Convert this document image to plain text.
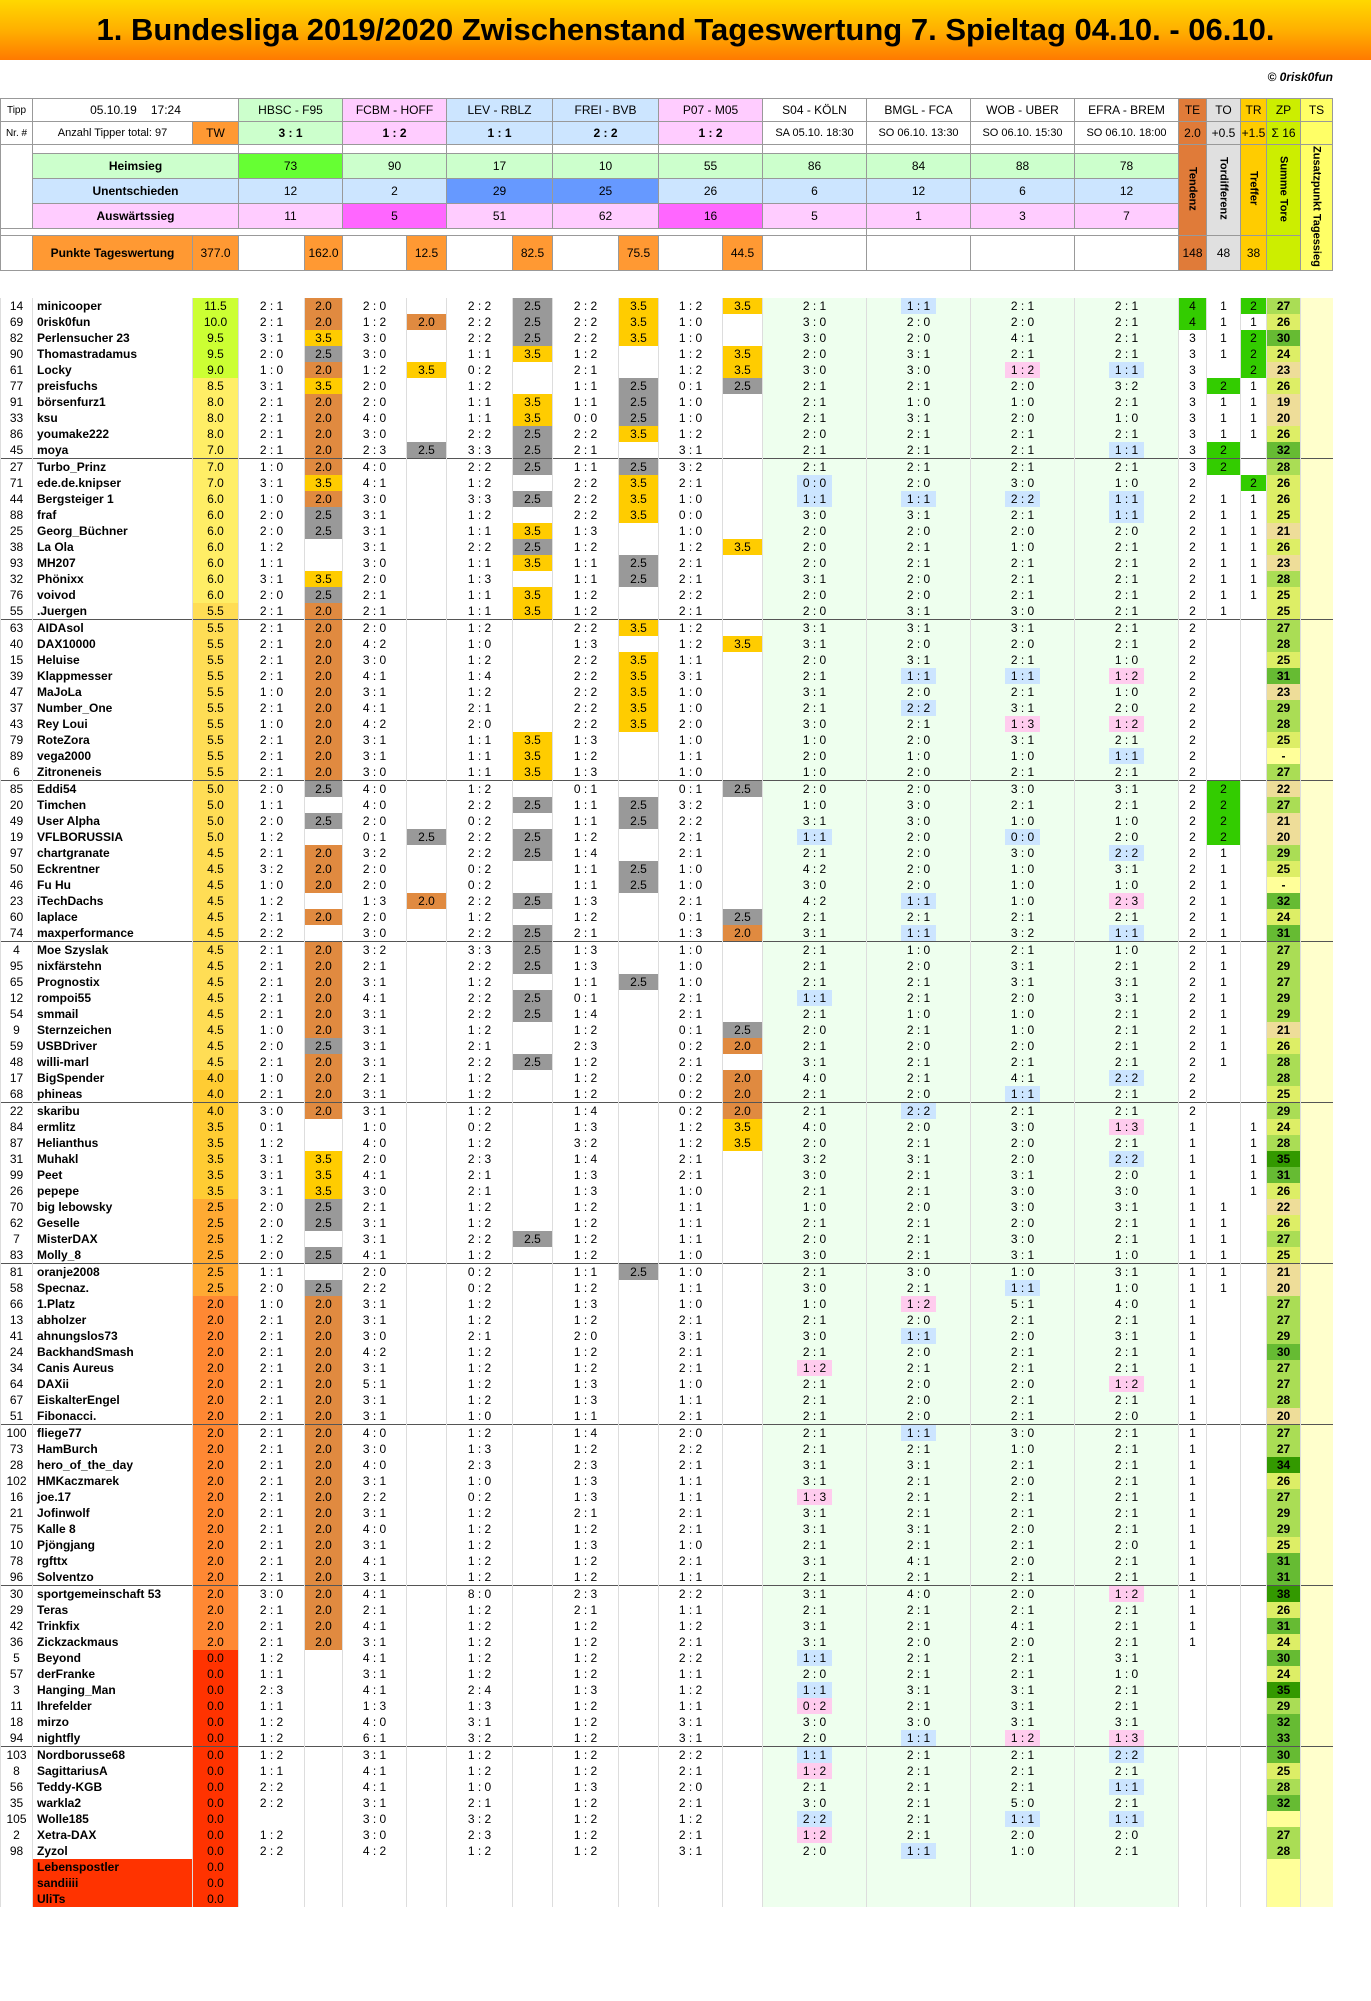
1. Bundesliga 2019/2020 Zwischenstand Tageswertung 7. Spieltag 04.10. - 06.10.
© 0risk0fun
Tipp	05.10.19 17:24		HBSC - F95		FCBM - HOFF		LEV - RBLZ		FREI - BVB		P07 - M05		S04 - KÖLN	BMGL - FCA	WOB - UBER	EFRA - BREM	TE	TO	TR	ZP	TS
Nr. #	Anzahl Tipper total: 97	TW	3 : 1		1 : 2		1 : 1		2 : 2		1 : 2		SA 05.10. 18:30	SO 06.10. 13:30	SO 06.10. 15:30	SO 06.10. 18:00	2.0	+0.5	+1.5	Σ 16	
																	Tendenz	Tordifferenz	Treffer	Summe Tore	Zusatzpunkt Tagessieg
	Heimsieg		73		90		17		10		55		86	84	88	78					
	Unentschieden		12		2		29		25		26		6	12	6	12					
	Auswärtssieg		11		5		51		62		16		5	1	3	7					

	Punkte Tageswertung	377.0		162.0		12.5		82.5		75.5		44.5					148	48	38		
14	minicooper	11.5	2 : 1	2.0	2 : 0		2 : 2	2.5	2 : 2	3.5	1 : 2	3.5	2 : 1	1 : 1	2 : 1	2 : 1	4	1	2	27	
69	0risk0fun	10.0	2 : 1	2.0	1 : 2	2.0	2 : 2	2.5	2 : 2	3.5	1 : 0		3 : 0	2 : 0	2 : 0	2 : 1	4	1	1	26	
82	Perlensucher 23	9.5	3 : 1	3.5	3 : 0		2 : 2	2.5	2 : 2	3.5	1 : 0		3 : 0	2 : 0	4 : 1	2 : 1	3	1	2	30	
90	Thomastradamus	9.5	2 : 0	2.5	3 : 0		1 : 1	3.5	1 : 2		1 : 2	3.5	2 : 0	3 : 1	2 : 1	2 : 1	3	1	2	24	
61	Locky	9.0	1 : 0	2.0	1 : 2	3.5	0 : 2		2 : 1		1 : 2	3.5	3 : 0	3 : 0	1 : 2	1 : 1	3		2	23	
77	preisfuchs	8.5	3 : 1	3.5	2 : 0		1 : 2		1 : 1	2.5	0 : 1	2.5	2 : 1	2 : 1	2 : 0	3 : 2	3	2	1	26	
91	börsenfurz1	8.0	2 : 1	2.0	2 : 0		1 : 1	3.5	1 : 1	2.5	1 : 0		2 : 1	1 : 0	1 : 0	2 : 1	3	1	1	19	
33	ksu	8.0	2 : 1	2.0	4 : 0		1 : 1	3.5	0 : 0	2.5	1 : 0		2 : 1	3 : 1	2 : 0	1 : 0	3	1	1	20	
86	youmake222	8.0	2 : 1	2.0	3 : 0		2 : 2	2.5	2 : 2	3.5	1 : 2		2 : 0	2 : 1	2 : 1	2 : 1	3	1	1	26	
45	moya	7.0	2 : 1	2.0	2 : 3	2.5	3 : 3	2.5	2 : 1		3 : 1		2 : 1	2 : 1	2 : 1	1 : 1	3	2		32	
27	Turbo_Prinz	7.0	1 : 0	2.0	4 : 0		2 : 2	2.5	1 : 1	2.5	3 : 2		2 : 1	2 : 1	2 : 1	2 : 1	3	2		28	
71	ede.de.knipser	7.0	3 : 1	3.5	4 : 1		1 : 2		2 : 2	3.5	2 : 1		0 : 0	2 : 0	3 : 0	1 : 0	2		2	26	
44	Bergsteiger 1	6.0	1 : 0	2.0	3 : 0		3 : 3	2.5	2 : 2	3.5	1 : 0		1 : 1	1 : 1	2 : 2	1 : 1	2	1	1	26	
88	fraf	6.0	2 : 0	2.5	3 : 1		1 : 2		2 : 2	3.5	0 : 0		3 : 0	3 : 1	2 : 1	1 : 1	2	1	1	25	
25	Georg_Büchner	6.0	2 : 0	2.5	3 : 1		1 : 1	3.5	1 : 3		1 : 0		2 : 0	2 : 0	2 : 0	2 : 0	2	1	1	21	
38	La Ola	6.0	1 : 2		3 : 1		2 : 2	2.5	1 : 2		1 : 2	3.5	2 : 0	2 : 1	1 : 0	2 : 1	2	1	1	26	
93	MH207	6.0	1 : 1		3 : 0		1 : 1	3.5	1 : 1	2.5	2 : 1		2 : 0	2 : 1	2 : 1	2 : 1	2	1	1	23	
32	Phönixx	6.0	3 : 1	3.5	2 : 0		1 : 3		1 : 1	2.5	2 : 1		3 : 1	2 : 0	2 : 1	2 : 1	2	1	1	28	
76	voivod	6.0	2 : 0	2.5	2 : 1		1 : 1	3.5	1 : 2		2 : 2		2 : 0	2 : 0	2 : 1	2 : 1	2	1	1	25	
55	.Juergen	5.5	2 : 1	2.0	2 : 1		1 : 1	3.5	1 : 2		2 : 1		2 : 0	3 : 1	3 : 0	2 : 1	2	1		25	
63	AIDAsol	5.5	2 : 1	2.0	2 : 0		1 : 2		2 : 2	3.5	1 : 2		3 : 1	3 : 1	3 : 1	2 : 1	2			27	
40	DAX10000	5.5	2 : 1	2.0	4 : 2		1 : 0		1 : 3		1 : 2	3.5	3 : 1	2 : 0	2 : 0	2 : 1	2			28	
15	Heluise	5.5	2 : 1	2.0	3 : 0		1 : 2		2 : 2	3.5	1 : 1		2 : 0	3 : 1	2 : 1	1 : 0	2			25	
39	Klappmesser	5.5	2 : 1	2.0	4 : 1		1 : 4		2 : 2	3.5	3 : 1		2 : 1	1 : 1	1 : 1	1 : 2	2			31	
47	MaJoLa	5.5	1 : 0	2.0	3 : 1		1 : 2		2 : 2	3.5	1 : 0		3 : 1	2 : 0	2 : 1	1 : 0	2			23	
37	Number_One	5.5	2 : 1	2.0	4 : 1		2 : 1		2 : 2	3.5	1 : 0		2 : 1	2 : 2	3 : 1	2 : 0	2			29	
43	Rey Loui	5.5	1 : 0	2.0	4 : 2		2 : 0		2 : 2	3.5	2 : 0		3 : 0	2 : 1	1 : 3	1 : 2	2			28	
79	RoteZora	5.5	2 : 1	2.0	3 : 1		1 : 1	3.5	1 : 3		1 : 0		1 : 0	2 : 0	3 : 1	2 : 1	2			25	
89	vega2000	5.5	2 : 1	2.0	3 : 1		1 : 1	3.5	1 : 2		1 : 1		2 : 0	1 : 0	1 : 0	1 : 1	2			-	
6	Zitroneneis	5.5	2 : 1	2.0	3 : 0		1 : 1	3.5	1 : 3		1 : 0		1 : 0	2 : 0	2 : 1	2 : 1	2			27	
85	Eddi54	5.0	2 : 0	2.5	4 : 0		1 : 2		0 : 1		0 : 1	2.5	2 : 0	2 : 0	3 : 0	3 : 1	2	2		22	
20	Timchen	5.0	1 : 1		4 : 0		2 : 2	2.5	1 : 1	2.5	3 : 2		1 : 0	3 : 0	2 : 1	2 : 1	2	2		27	
49	User Alpha	5.0	2 : 0	2.5	2 : 0		0 : 2		1 : 1	2.5	2 : 2		3 : 1	3 : 0	1 : 0	1 : 0	2	2		21	
19	VFLBORUSSIA	5.0	1 : 2		0 : 1	2.5	2 : 2	2.5	1 : 2		2 : 1		1 : 1	2 : 0	0 : 0	2 : 0	2	2		20	
97	chartgranate	4.5	2 : 1	2.0	3 : 2		2 : 2	2.5	1 : 4		2 : 1		2 : 1	2 : 0	3 : 0	2 : 2	2	1		29	
50	Eckrentner	4.5	3 : 2	2.0	2 : 0		0 : 2		1 : 1	2.5	1 : 0		4 : 2	2 : 0	1 : 0	3 : 1	2	1		25	
46	Fu Hu	4.5	1 : 0	2.0	2 : 0		0 : 2		1 : 1	2.5	1 : 0		3 : 0	2 : 0	1 : 0	1 : 0	2	1		-	
23	iTechDachs	4.5	1 : 2		1 : 3	2.0	2 : 2	2.5	1 : 3		2 : 1		4 : 2	1 : 1	1 : 0	2 : 3	2	1		32	
60	laplace	4.5	2 : 1	2.0	2 : 0		1 : 2		1 : 2		0 : 1	2.5	2 : 1	2 : 1	2 : 1	2 : 1	2	1		24	
74	maxperformance	4.5	2 : 2		3 : 0		2 : 2	2.5	2 : 1		1 : 3	2.0	3 : 1	1 : 1	3 : 2	1 : 1	2	1		31	
4	Moe Szyslak	4.5	2 : 1	2.0	3 : 2		3 : 3	2.5	1 : 3		1 : 0		2 : 1	1 : 0	2 : 1	1 : 0	2	1		27	
95	nixfärstehn	4.5	2 : 1	2.0	2 : 1		2 : 2	2.5	1 : 3		1 : 0		2 : 1	2 : 0	3 : 1	2 : 1	2	1		29	
65	Prognostix	4.5	2 : 1	2.0	3 : 1		1 : 2		1 : 1	2.5	1 : 0		2 : 1	2 : 1	3 : 1	3 : 1	2	1		27	
12	rompoi55	4.5	2 : 1	2.0	4 : 1		2 : 2	2.5	0 : 1		2 : 1		1 : 1	2 : 1	2 : 0	3 : 1	2	1		29	
54	smmail	4.5	2 : 1	2.0	3 : 1		2 : 2	2.5	1 : 4		2 : 1		2 : 1	1 : 0	1 : 0	2 : 1	2	1		29	
9	Sternzeichen	4.5	1 : 0	2.0	3 : 1		1 : 2		1 : 2		0 : 1	2.5	2 : 0	2 : 1	1 : 0	2 : 1	2	1		21	
59	USBDriver	4.5	2 : 0	2.5	3 : 1		2 : 1		2 : 3		0 : 2	2.0	2 : 1	2 : 0	2 : 0	2 : 1	2	1		26	
48	willi-marl	4.5	2 : 1	2.0	3 : 1		2 : 2	2.5	1 : 2		2 : 1		3 : 1	2 : 1	2 : 1	2 : 1	2	1		28	
17	BigSpender	4.0	1 : 0	2.0	2 : 1		1 : 2		1 : 2		0 : 2	2.0	4 : 0	2 : 1	4 : 1	2 : 2	2			28	
68	phineas	4.0	2 : 1	2.0	3 : 1		1 : 2		1 : 2		0 : 2	2.0	2 : 1	2 : 0	1 : 1	2 : 1	2			25	
22	skaribu	4.0	3 : 0	2.0	3 : 1		1 : 2		1 : 4		0 : 2	2.0	2 : 1	2 : 2	2 : 1	2 : 1	2			29	
84	ermlitz	3.5	0 : 1		1 : 0		0 : 2		1 : 3		1 : 2	3.5	4 : 0	2 : 0	3 : 0	1 : 3	1		1	24	
87	Helianthus	3.5	1 : 2		4 : 0		1 : 2		3 : 2		1 : 2	3.5	2 : 0	2 : 1	2 : 0	2 : 1	1		1	28	
31	Muhakl	3.5	3 : 1	3.5	2 : 0		2 : 3		1 : 4		2 : 1		3 : 2	3 : 1	2 : 0	2 : 2	1		1	35	
99	Peet	3.5	3 : 1	3.5	4 : 1		2 : 1		1 : 3		2 : 1		3 : 0	2 : 1	3 : 1	2 : 0	1		1	31	
26	pepepe	3.5	3 : 1	3.5	3 : 0		2 : 1		1 : 3		1 : 0		2 : 1	2 : 1	3 : 0	3 : 0	1		1	26	
70	big lebowsky	2.5	2 : 0	2.5	2 : 1		1 : 2		1 : 2		1 : 1		1 : 0	2 : 0	3 : 0	3 : 1	1	1		22	
62	Geselle	2.5	2 : 0	2.5	3 : 1		1 : 2		1 : 2		1 : 1		2 : 1	2 : 1	2 : 0	2 : 1	1	1		26	
7	MisterDAX	2.5	1 : 2		3 : 1		2 : 2	2.5	1 : 2		1 : 1		2 : 0	2 : 1	3 : 0	2 : 1	1	1		27	
83	Molly_8	2.5	2 : 0	2.5	4 : 1		1 : 2		1 : 2		1 : 0		3 : 0	2 : 1	3 : 1	1 : 0	1	1		25	
81	oranje2008	2.5	1 : 1		2 : 0		0 : 2		1 : 1	2.5	1 : 0		2 : 1	3 : 0	1 : 0	3 : 1	1	1		21	
58	Specnaz.	2.5	2 : 0	2.5	2 : 2		0 : 2		1 : 2		1 : 1		3 : 0	2 : 1	1 : 1	1 : 0	1	1		20	
66	1.Platz	2.0	1 : 0	2.0	3 : 1		1 : 2		1 : 3		1 : 0		1 : 0	1 : 2	5 : 1	4 : 0	1			27	
13	abholzer	2.0	2 : 1	2.0	3 : 1		1 : 2		1 : 2		2 : 1		2 : 1	2 : 0	2 : 1	2 : 1	1			27	
41	ahnungslos73	2.0	2 : 1	2.0	3 : 0		2 : 1		2 : 0		3 : 1		3 : 0	1 : 1	2 : 0	3 : 1	1			29	
24	BackhandSmash	2.0	2 : 1	2.0	4 : 2		1 : 2		1 : 2		2 : 1		2 : 1	2 : 0	2 : 1	2 : 1	1			30	
34	Canis Aureus	2.0	2 : 1	2.0	3 : 1		1 : 2		1 : 2		2 : 1		1 : 2	2 : 1	2 : 1	2 : 1	1			27	
64	DAXii	2.0	2 : 1	2.0	5 : 1		1 : 2		1 : 3		1 : 0		2 : 1	2 : 0	2 : 0	1 : 2	1			27	
67	EiskalterEngel	2.0	2 : 1	2.0	3 : 1		1 : 2		1 : 3		1 : 1		2 : 1	2 : 0	2 : 1	2 : 1	1			28	
51	Fibonacci.	2.0	2 : 1	2.0	3 : 1		1 : 0		1 : 1		2 : 1		2 : 1	2 : 0	2 : 1	2 : 0	1			20	
100	fliege77	2.0	2 : 1	2.0	4 : 0		1 : 2		1 : 4		2 : 0		2 : 1	1 : 1	3 : 0	2 : 1	1			27	
73	HamBurch	2.0	2 : 1	2.0	3 : 0		1 : 3		1 : 2		2 : 2		2 : 1	2 : 1	1 : 0	2 : 1	1			27	
28	hero_of_the_day	2.0	2 : 1	2.0	4 : 0		2 : 3		2 : 3		2 : 1		3 : 1	3 : 1	2 : 1	2 : 1	1			34	
102	HMKaczmarek	2.0	2 : 1	2.0	3 : 1		1 : 0		1 : 3		1 : 1		3 : 1	2 : 1	2 : 0	2 : 1	1			26	
16	joe.17	2.0	2 : 1	2.0	2 : 2		0 : 2		1 : 3		1 : 1		1 : 3	2 : 1	2 : 1	2 : 1	1			27	
21	Jofinwolf	2.0	2 : 1	2.0	3 : 1		1 : 2		2 : 1		2 : 1		3 : 1	2 : 1	2 : 1	2 : 1	1			29	
75	Kalle 8	2.0	2 : 1	2.0	4 : 0		1 : 2		1 : 2		2 : 1		3 : 1	3 : 1	2 : 0	2 : 1	1			29	
10	Pjöngjang	2.0	2 : 1	2.0	3 : 1		1 : 2		1 : 3		1 : 0		2 : 1	2 : 1	2 : 1	2 : 0	1			25	
78	rgfttx	2.0	2 : 1	2.0	4 : 1		1 : 2		1 : 2		2 : 1		3 : 1	4 : 1	2 : 0	2 : 1	1			31	
96	Solventzo	2.0	2 : 1	2.0	3 : 1		1 : 2		1 : 2		1 : 1		2 : 1	2 : 1	2 : 1	2 : 1	1			31	
30	sportgemeinschaft 53	2.0	3 : 0	2.0	4 : 1		8 : 0		2 : 3		2 : 2		3 : 1	4 : 0	2 : 0	1 : 2	1			38	
29	Teras	2.0	2 : 1	2.0	2 : 1		1 : 2		2 : 1		1 : 1		2 : 1	2 : 1	2 : 1	2 : 1	1			26	
42	Trinkfix	2.0	2 : 1	2.0	4 : 1		1 : 2		1 : 2		1 : 2		3 : 1	2 : 1	4 : 1	2 : 1	1			31	
36	Zickzackmaus	2.0	2 : 1	2.0	3 : 1		1 : 2		1 : 2		2 : 1		3 : 1	2 : 0	2 : 0	2 : 1	1			24	
5	Beyond	0.0	1 : 2		4 : 1		1 : 2		1 : 2		2 : 2		1 : 1	2 : 1	2 : 1	3 : 1				30	
57	derFranke	0.0	1 : 1		3 : 1		1 : 2		1 : 2		1 : 1		2 : 0	2 : 1	2 : 1	1 : 0				24	
3	Hanging_Man	0.0	2 : 3		4 : 1		2 : 4		1 : 3		1 : 2		1 : 1	3 : 1	3 : 1	2 : 1				35	
11	Ihrefelder	0.0	1 : 1		1 : 3		1 : 3		1 : 2		1 : 1		0 : 2	2 : 1	3 : 1	2 : 1				29	
18	mirzo	0.0	1 : 2		4 : 0		3 : 1		1 : 2		3 : 1		3 : 0	3 : 0	3 : 1	3 : 1				32	
94	nightfly	0.0	1 : 2		6 : 1		3 : 2		1 : 2		3 : 1		2 : 0	1 : 1	1 : 2	1 : 3				33	
103	Nordborusse68	0.0	1 : 2		3 : 1		1 : 2		1 : 2		2 : 2		1 : 1	2 : 1	2 : 1	2 : 2				30	
8	SagittariusA	0.0	1 : 1		4 : 1		1 : 2		1 : 2		2 : 1		1 : 2	2 : 1	2 : 1	2 : 1				25	
56	Teddy-KGB	0.0	2 : 2		4 : 1		1 : 0		1 : 3		2 : 0		2 : 1	2 : 1	2 : 1	1 : 1				28	
35	warkla2	0.0	2 : 2		3 : 1		2 : 1		1 : 2		2 : 1		3 : 0	2 : 1	5 : 0	2 : 1				32	
105	Wolle185	0.0			3 : 0		3 : 2		1 : 2		1 : 2		2 : 2	2 : 1	1 : 1	1 : 1					
2	Xetra-DAX	0.0	1 : 2		3 : 0		2 : 3		1 : 2		2 : 1		1 : 2	2 : 1	2 : 0	2 : 0				27	
98	Zyzol	0.0	2 : 2		4 : 2		1 : 2		1 : 2		3 : 1		2 : 0	1 : 1	1 : 0	2 : 1				28	
	Lebenspostler	0.0																			
	sandiiii	0.0																			
	UliTs	0.0																			
